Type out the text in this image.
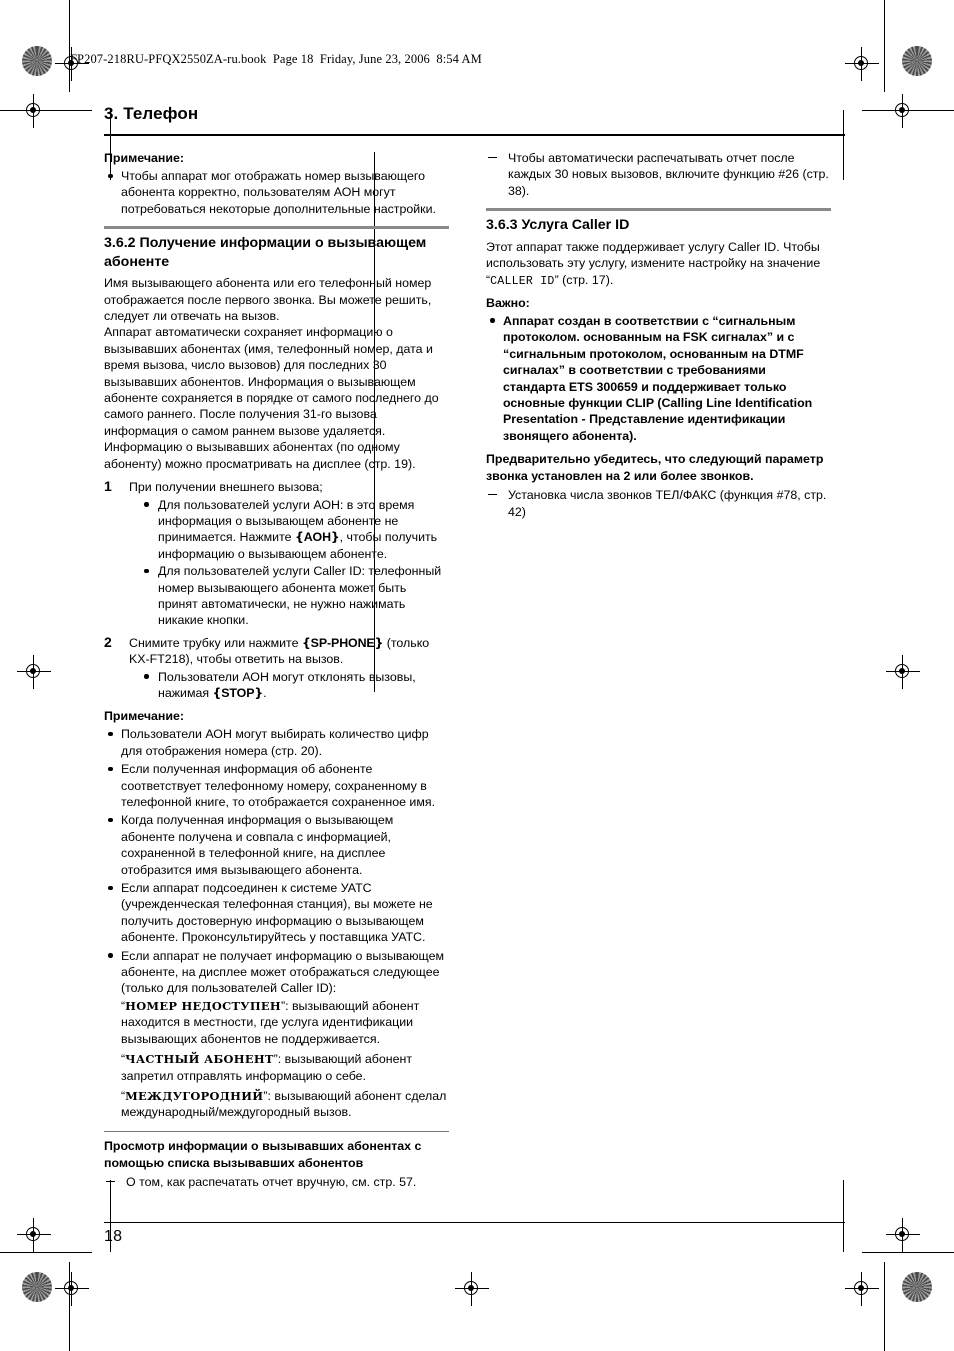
FP207-218RU-PFQX2550ZA-ru.book  Page 18  Friday, June 23, 2006  8:54 AM
3. Телефон
Примечание:
Чтобы аппарат мог отображать номер вызывающего абонента корректно, пользователям АОН могут потребоваться некоторые дополнительные настройки.
3.6.2 Получение информации о вызывающем абоненте

Имя вызывающего абонента или его телефонный номер отображается после первого звонка. Вы можете решить, следует ли отвечать на вызов.

Аппарат автоматически сохраняет информацию о вызывавших абонентах (имя, телефонный номер, дата и время вызова, число вызовов) для последних 30 вызывавших абонентов. Информация о вызывающем абоненте сохраняется в порядке от самого последнего до самого раннего. После получения 31-го вызова информация о самом раннем вызове удаляется.

Информацию о вызывавших абонентах (по одному абоненту) можно просматривать на дисплее (стр. 19).

1 При получении внешнего вызова;
Для пользователей услуги АОН: в это время информация о вызывающем абоненте не принимается. Нажмите {AOH}, чтобы получить информацию о вызывающем абоненте.
Для пользователей услуги Caller ID: телефонный номер вызывающего абонента может быть принят автоматически, не нужно нажимать никакие кнопки.
2 Снимите трубку или нажмите {SP-PHONE} (только KX-FT218), чтобы ответить на вызов.
Пользователи АОН могут отклонять вызовы, нажимая {STOP}.
Примечание:
Пользователи АОН могут выбирать количество цифр для отображения номера (стр. 20).
Если полученная информация об абоненте соответствует телефонному номеру, сохраненному в телефонной книге, то отображается сохраненное имя.
Когда полученная информация о вызывающем абоненте получена и совпала с информацией, сохраненной в телефонной книге, на дисплее отобразится имя вызывающего абонента.
Если аппарат подсоединен к системе УАТС (учрежденческая телефонная станция), вы можете не получить достоверную информацию о вызывающем абоненте. Проконсультируйтесь у поставщика УАТС.
Если аппарат не получает информацию о вызывающем абоненте, на дисплее может отображаться следующее (только для пользователей Caller ID):
“НОМЕР НЕДОСТУПЕН”: вызывающий абонент находится в местности, где услуга идентификации вызывающих абонентов не поддерживается.
“ЧАСТНЫЙ АБОНЕНТ”: вызывающий абонент запретил отправлять информацию о себе.
“МЕЖДУГОРОДНИЙ”: вызывающий абонент сделал международный/междугородный вызов.
Просмотр информации о вызывавших абонентах с помощью списка вызывавших абонентов
О том, как распечатать отчет вручную, см. стр. 57.
Чтобы автоматически распечатывать отчет после каждых 30 новых вызовов, включите функцию #26 (стр. 38).
3.6.3 Услуга Caller ID

Этот аппарат также поддерживает услугу Caller ID. Чтобы использовать эту услугу, измените настройку на значение “CALLER ID” (стр. 17).

Важно:
Аппарат создан в соответствии с “сигнальным протоколом. основанным на FSK сигналах” и с “сигнальным протоколом, основанным на DTMF сигналах” в соответствии с требованиями стандарта ETS 300659 и поддерживает только основные функции CLIP (Calling Line Identification Presentation - Представление идентификации звонящего абонента).

Предварительно убедитесь, что следующий параметр звонка установлен на 2 или более звонков.

Установка числа звонков ТЕЛ/ФАКС (функция #78, стр. 42)
18
